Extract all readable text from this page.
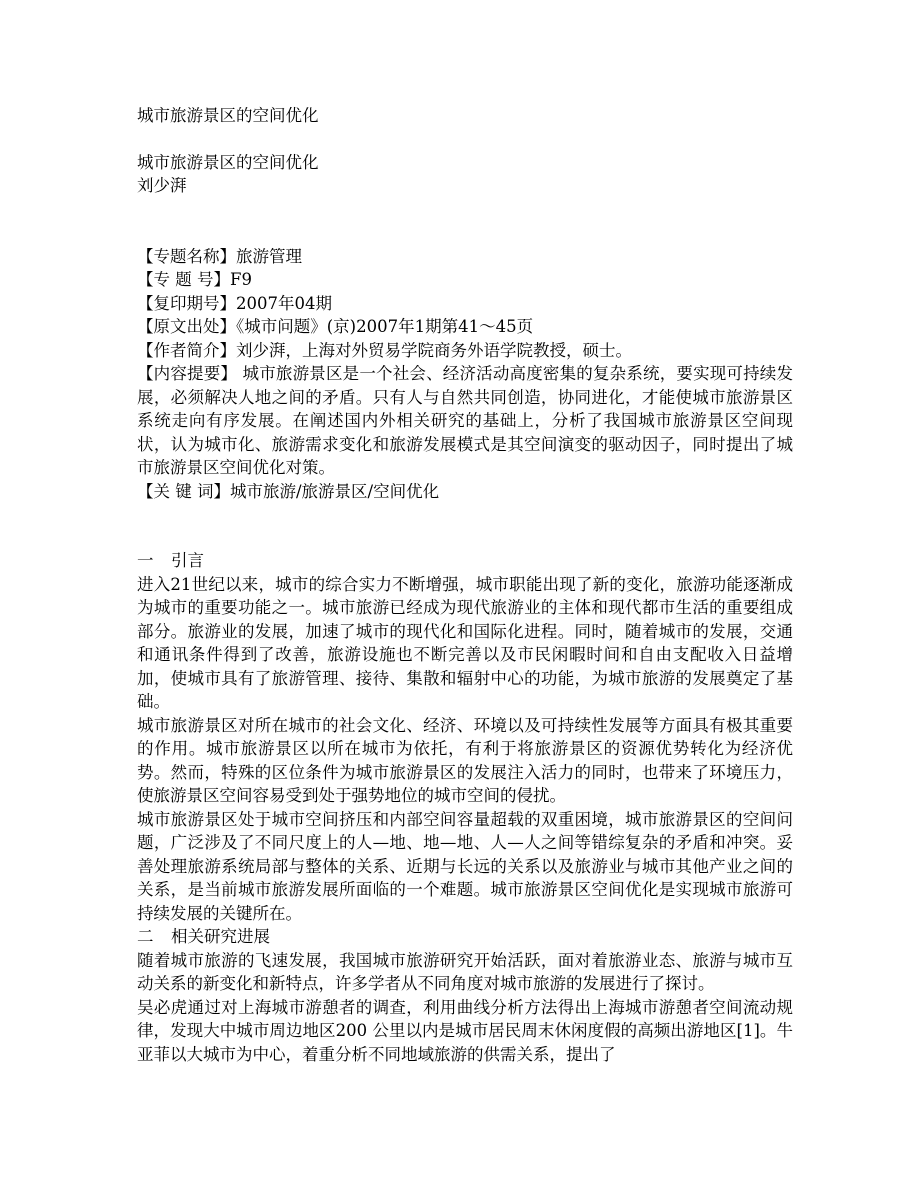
城市旅游景区的空间优化

城市旅游景区的空间优化

刘少湃

【专题名称】旅游管理

【专 题 号】F9

【复印期号】2007年04期

【原文出处】《城市问题》(京)2007年1期第41～45页

【作者简介】刘少湃，上海对外贸易学院商务外语学院教授，硕士。

【内容提要】 城市旅游景区是一个社会、经济活动高度密集的复杂系统，要实现可持续发展，必须解决人地之间的矛盾。只有人与自然共同创造，协同进化，才能使城市旅游景区系统走向有序发展。在阐述国内外相关研究的基础上，分析了我国城市旅游景区空间现状，认为城市化、旅游需求变化和旅游发展模式是其空间演变的驱动因子，同时提出了城市旅游景区空间优化对策。

【关 键 词】城市旅游/旅游景区/空间优化

一 引言

进入21世纪以来，城市的综合实力不断增强，城市职能出现了新的变化，旅游功能逐渐成为城市的重要功能之一。城市旅游已经成为现代旅游业的主体和现代都市生活的重要组成部分。旅游业的发展，加速了城市的现代化和国际化进程。同时，随着城市的发展，交通和通讯条件得到了改善，旅游设施也不断完善以及市民闲暇时间和自由支配收入日益增加，使城市具有了旅游管理、接待、集散和辐射中心的功能，为城市旅游的发展奠定了基础。

城市旅游景区对所在城市的社会文化、经济、环境以及可持续性发展等方面具有极其重要的作用。城市旅游景区以所在城市为依托，有利于将旅游景区的资源优势转化为经济优势。然而，特殊的区位条件为城市旅游景区的发展注入活力的同时，也带来了环境压力，使旅游景区空间容易受到处于强势地位的城市空间的侵扰。

城市旅游景区处于城市空间挤压和内部空间容量超载的双重困境，城市旅游景区的空间问题，广泛涉及了不同尺度上的人—地、地—地、人—人之间等错综复杂的矛盾和冲突。妥善处理旅游系统局部与整体的关系、近期与长远的关系以及旅游业与城市其他产业之间的关系，是当前城市旅游发展所面临的一个难题。城市旅游景区空间优化是实现城市旅游可持续发展的关键所在。

二 相关研究进展

随着城市旅游的飞速发展，我国城市旅游研究开始活跃，面对着旅游业态、旅游与城市互动关系的新变化和新特点，许多学者从不同角度对城市旅游的发展进行了探讨。

吴必虎通过对上海城市游憩者的调查，利用曲线分析方法得出上海城市游憩者空间流动规律，发现大中城市周边地区200 公里以内是城市居民周末休闲度假的高频出游地区[1]。牛亚菲以大城市为中心，着重分析不同地域旅游的供需关系，提出了
